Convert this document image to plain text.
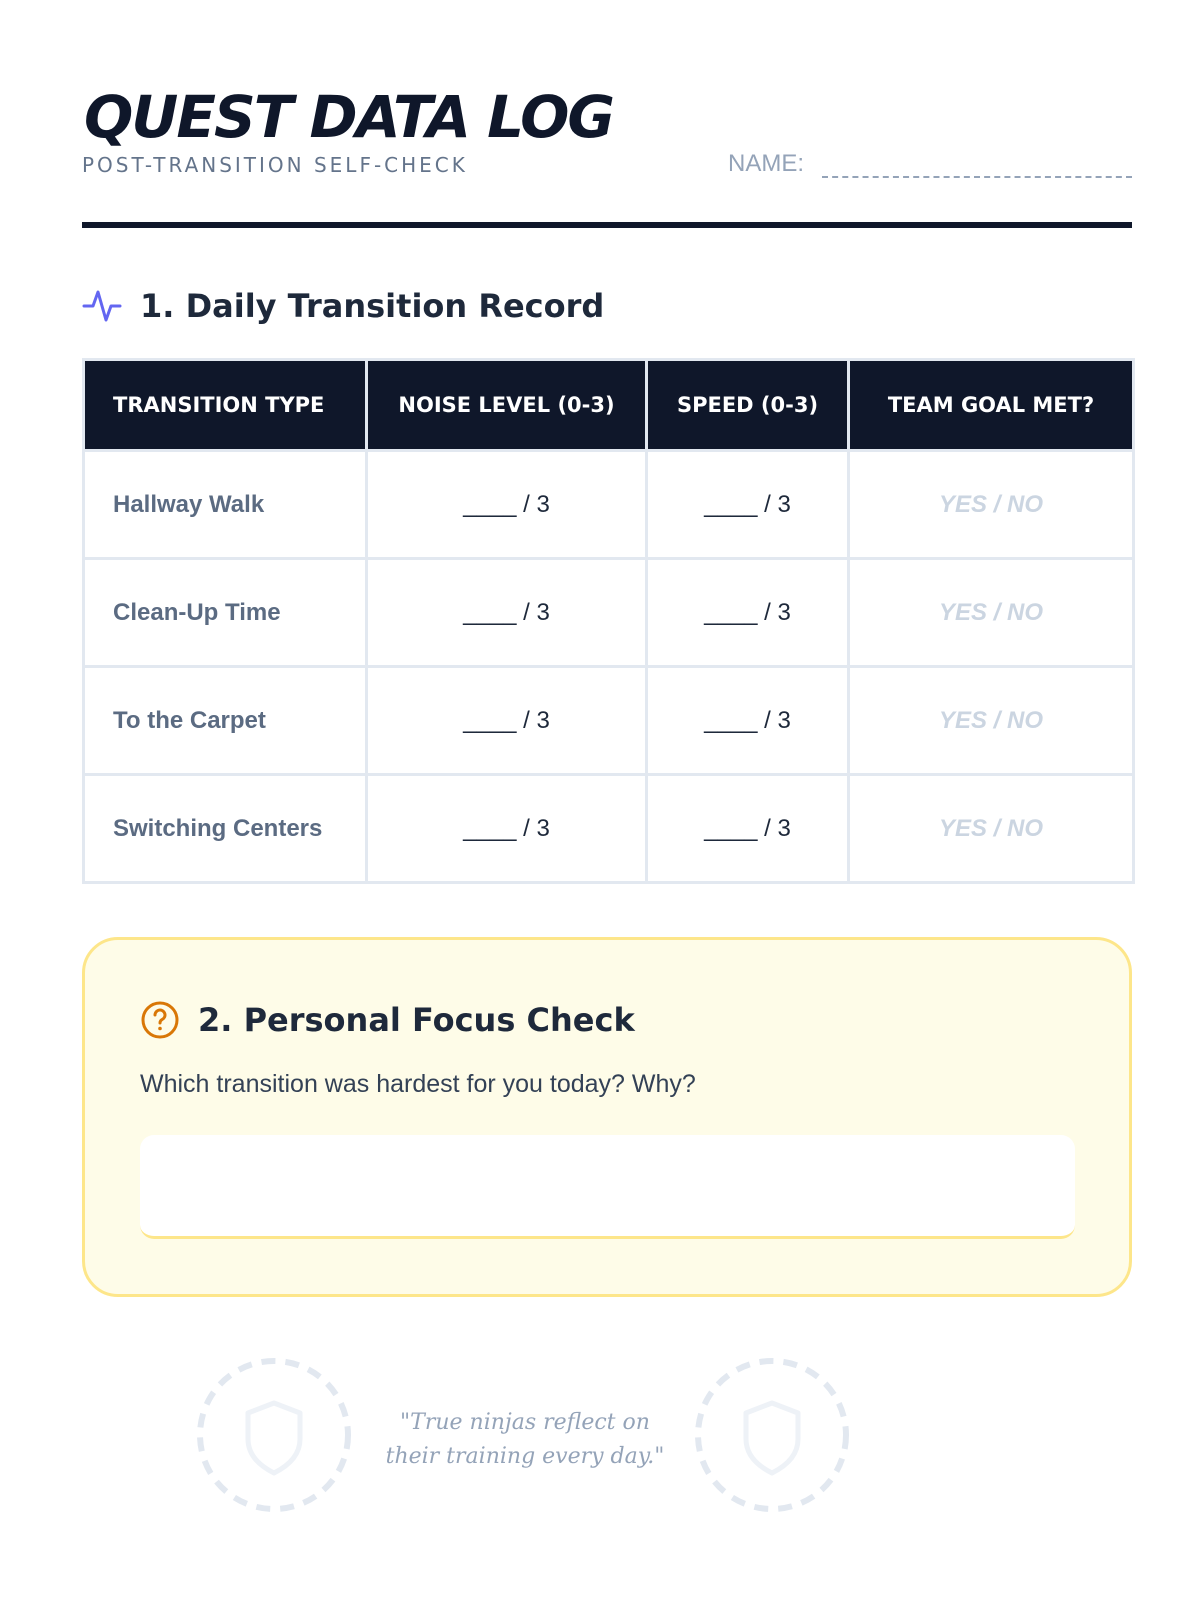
QUEST DATA LOG
POST-TRANSITION SELF-CHECK	NAME:
1. Daily Transition Record
TRANSITION TYPE	NOISE LEVEL (0-3)	SPEED (0-3)	TEAM GOAL MET?
Hallway Walk	____ / 3	____ / 3	YES / NO
Clean-Up Time	____ / 3	____ / 3	YES / NO
To the Carpet	____ / 3	____ / 3	YES / NO
Switching Centers	____ / 3	____ / 3	YES / NO
2. Personal Focus Check
Which transition was hardest for you today? Why?
"True ninjas reflect on their training every day."
